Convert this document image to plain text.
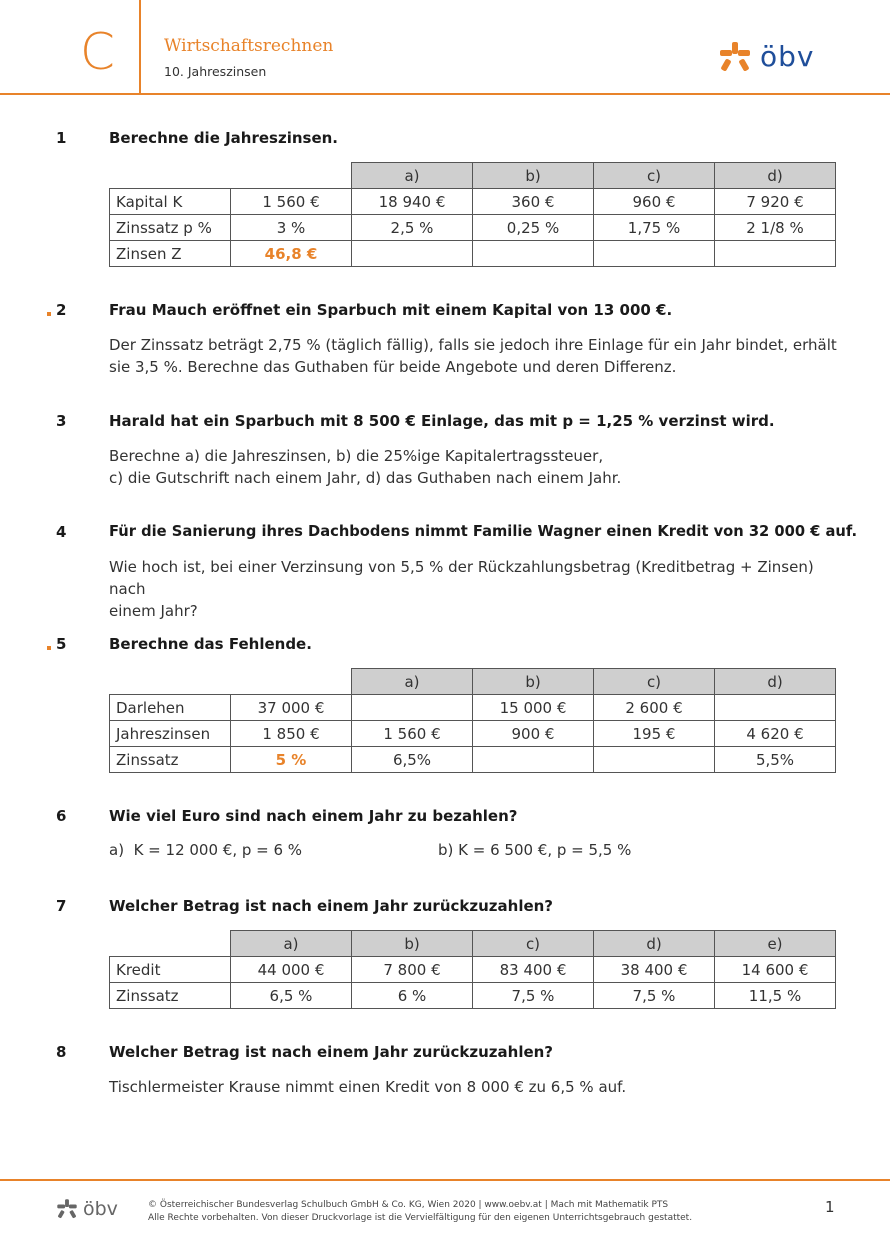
C	Wirtschaftsrechnen
10. Jahreszinsen	öbv
1	Berechne die Jahreszinsen.
		a)	b)	c)	d)
Kapital K	1 560 €	18 940 €	360 €	960 €	7 920 €
Zinssatz p %	3 %	2,5 %	0,25 %	1,75 %	2 1/8 %
Zinsen Z	46,8 €				
2	Frau Mauch eröffnet ein Sparbuch mit einem Kapital von 13 000 €.
Der Zinssatz beträgt 2,75 % (täglich fällig), falls sie jedoch ihre Einlage für ein Jahr bindet, erhält
sie 3,5 %. Berechne das Guthaben für beide Angebote und deren Differenz.
3	Harald hat ein Sparbuch mit 8 500 € Einlage, das mit p = 1,25 % verzinst wird.
Berechne a) die Jahreszinsen, b) die 25%ige Kapitalertragssteuer,
c) die Gutschrift nach einem Jahr, d) das Guthaben nach einem Jahr.
4	Für die Sanierung ihres Dachbodens nimmt Familie Wagner einen Kredit von 32 000 € auf.
Wie hoch ist, bei einer Verzinsung von 5,5 % der Rückzahlungsbetrag (Kreditbetrag + Zinsen) nach
einem Jahr?
5	Berechne das Fehlende.
		a)	b)	c)	d)
Darlehen	37 000 €		15 000 €	2 600 €	
Jahreszinsen	1 850 €	1 560 €	900 €	195 €	4 620 €
Zinssatz	5 %	6,5%			5,5%
6	Wie viel Euro sind nach einem Jahr zu bezahlen?
a)  K = 12 000 €, p = 6 %	b) K = 6 500 €, p = 5,5 %
7	Welcher Betrag ist nach einem Jahr zurückzuzahlen?
	a)	b)	c)	d)	e)
Kredit	44 000 €	7 800 €	83 400 €	38 400 €	14 600 €
Zinssatz	6,5 %	6 %	7,5 %	7,5 %	11,5 %
8	Welcher Betrag ist nach einem Jahr zurückzuzahlen?
Tischlermeister Krause nimmt einen Kredit von 8 000 € zu 6,5 % auf.
öbv	© Österreichischer Bundesverlag Schulbuch GmbH & Co. KG, Wien 2020 | www.oebv.at | Mach mit Mathematik PTS
Alle Rechte vorbehalten. Von dieser Druckvorlage ist die Vervielfältigung für den eigenen Unterrichtsgebrauch gestattet.
1
